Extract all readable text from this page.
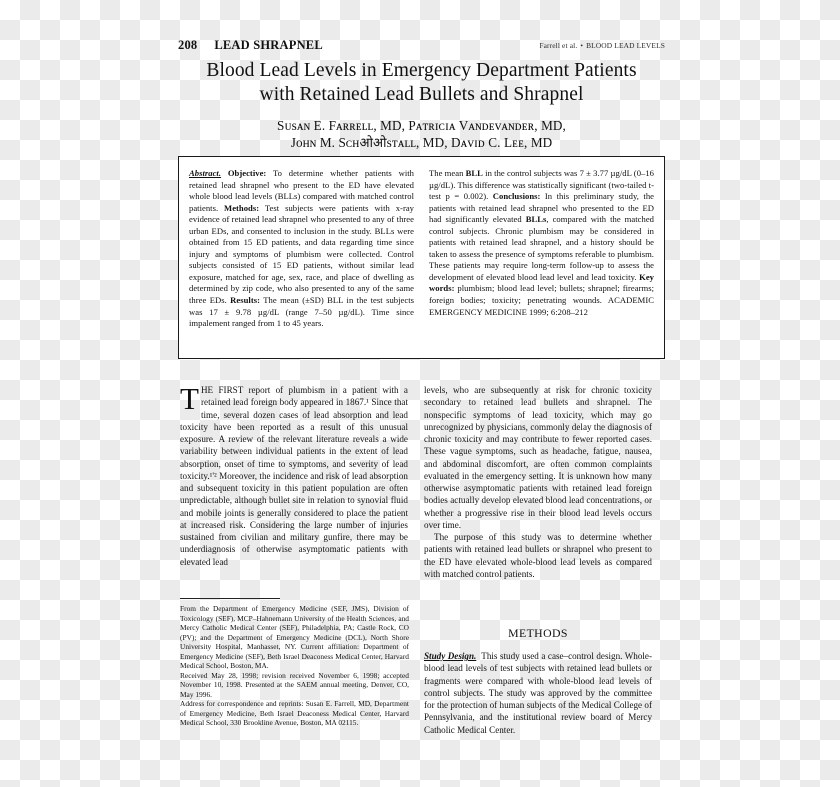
208 LEAD SHRAPNEL	Farrell et al. • BLOOD LEAD LEVELS
Blood Lead Levels in Emergency Department Patients
with Retained Lead Bullets and Shrapnel
Sᴜsᴀɴ E. Fᴀʀʀᴇʟʟ, MD, Pᴀᴛʀɪᴄɪᴀ Vᴀɴᴅᴇᴠᴀɴᴅᴇʀ, MD,
Jᴏʜɴ M. Sᴄʜओओѕᴛᴀʟʟ, MD, Dᴀᴠɪᴅ C. Lᴇᴇ, MD
Abstract. Objective: To determine whether patients with retained lead shrapnel who present to the ED have elevated whole blood lead levels (BLLs) compared with matched control patients. Methods: Test subjects were patients with x-ray evidence of retained lead shrapnel who presented to any of three urban EDs, and consented to inclusion in the study. BLLs were obtained from 15 ED patients, and data regarding time since injury and symptoms of plumbism were collected. Control subjects consisted of 15 ED patients, without similar lead exposure, matched for age, sex, race, and place of dwelling as determined by zip code, who also presented to any of the same three EDs. Results: The mean (±SD) BLL in the test subjects was 17 ± 9.78 µg/dL (range 7–50 µg/dL). Time since impalement ranged from 1 to 45 years.
The mean BLL in the control subjects was 7 ± 3.77 µg/dL (0–16 µg/dL). This difference was statistically significant (two-tailed t-test p = 0.002). Conclusions: In this preliminary study, the patients with retained lead shrapnel who presented to the ED had significantly elevated BLLs, compared with the matched control subjects. Chronic plumbism may be considered in patients with retained lead shrapnel, and a history should be taken to assess the presence of symptoms referable to plumbism. These patients may require long-term follow-up to assess the development of elevated blood lead level and lead toxicity. Key words: plumbism; blood lead level; bullets; shrapnel; firearms; foreign bodies; toxicity; penetrating wounds. ACADEMIC EMERGENCY MEDICINE 1999; 6:208–212

THE FIRST report of plumbism in a patient with a retained lead foreign body appeared in 1867.¹ Since that time, several dozen cases of lead absorption and lead toxicity have been reported as a result of this unusual exposure. A review of the relevant literature reveals a wide variability between individual patients in the extent of lead absorption, onset of time to symptoms, and severity of lead toxicity.¹'² Moreover, the incidence and risk of lead absorption and subsequent toxicity in this patient population are often unpredictable, although bullet site in relation to synovial fluid and mobile joints is generally considered to place the patient at increased risk. Considering the large number of injuries sustained from civilian and military gunfire, there may be underdiagnosis of otherwise asymptomatic patients with elevated lead

levels, who are subsequently at risk for chronic toxicity secondary to retained lead bullets and shrapnel. The nonspecific symptoms of lead toxicity, which may go unrecognized by physicians, commonly delay the diagnosis of chronic toxicity and may contribute to fewer reported cases. These vague symptoms, such as headache, fatigue, nausea, and abdominal discomfort, are often common complaints evaluated in the emergency setting. It is unknown how many otherwise asymptomatic patients with retained lead foreign bodies actually develop elevated blood lead concentrations, or whether a progressive rise in their blood lead levels occurs over time.

The purpose of this study was to determine whether patients with retained lead bullets or shrapnel who present to the ED have elevated whole-blood lead levels as compared with matched control patients.

From the Department of Emergency Medicine (SEF, JMS), Division of Toxicology (SEF), MCP–Hahnemann University of the Health Sciences, and Mercy Catholic Medical Center (SEF), Philadelphia, PA; Castle Rock, CO (PV); and the Department of Emergency Medicine (DCL), North Shore University Hospital, Manhasset, NY. Current affiliation: Department of Emergency Medicine (SEF), Beth Israel Deaconess Medical Center, Harvard Medical School, Boston, MA.

Received May 28, 1998; revision received November 6, 1998; accepted November 10, 1998. Presented at the SAEM annual meeting, Denver, CO, May 1996.

Address for correspondence and reprints: Susan E. Farrell, MD, Department of Emergency Medicine, Beth Israel Deaconess Medical Center, Harvard Medical School, 330 Brookline Avenue, Boston, MA 02115.

METHODS

Study Design. This study used a case–control design. Whole-blood lead levels of test subjects with retained lead bullets or fragments were compared with whole-blood lead levels of control subjects. The study was approved by the committee for the protection of human subjects of the Medical College of Pennsylvania, and the institutional review board of Mercy Catholic Medical Center.
